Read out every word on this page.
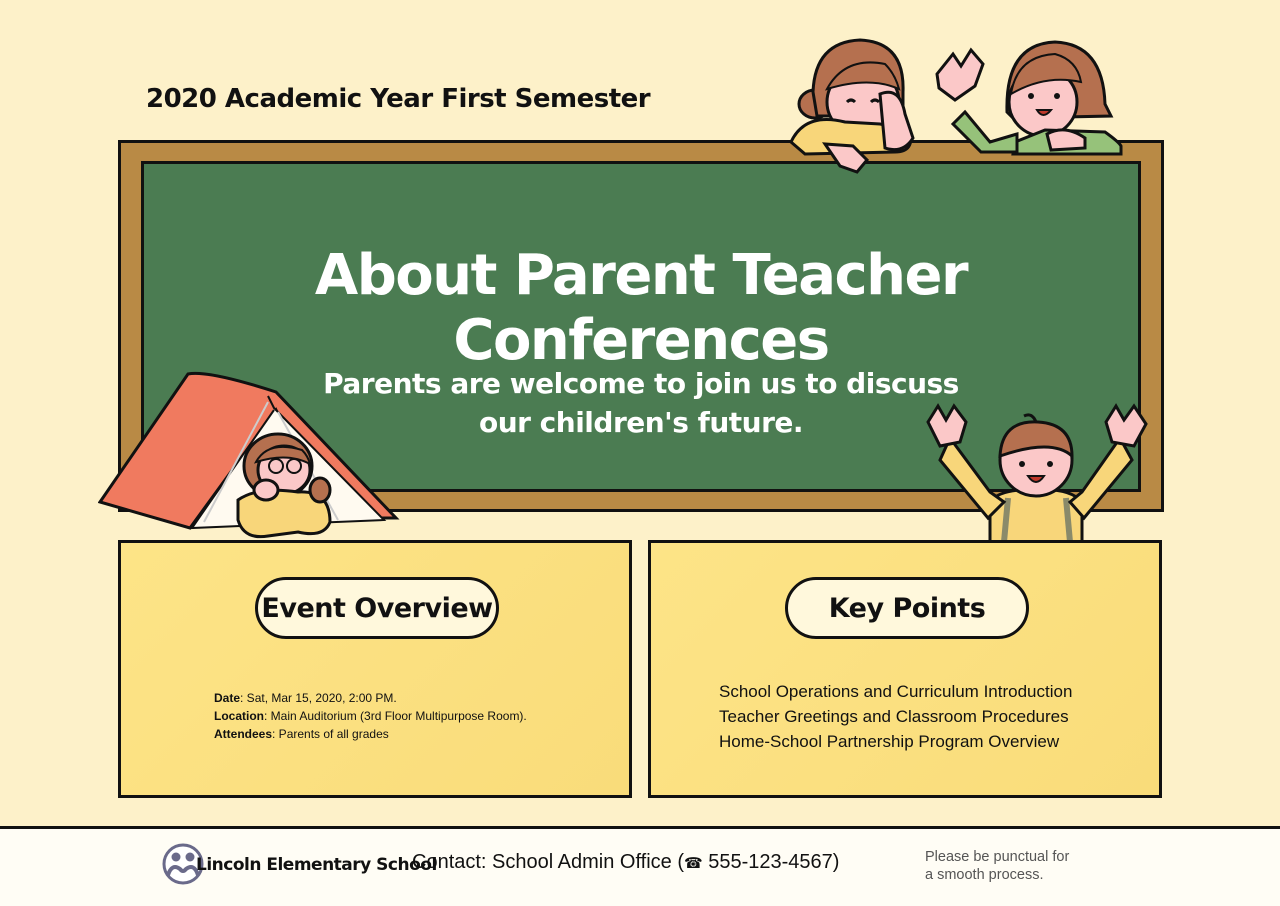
2020 Academic Year First Semester
About Parent Teacher Conferences
Parents are welcome to join us to discuss
our children's future.
Event Overview
Date: Sat, Mar 15, 2020, 2:00 PM.
Location: Main Auditorium (3rd Floor Multipurpose Room).
Attendees: Parents of all grades
Key Points
School Operations and Curriculum Introduction
Teacher Greetings and Classroom Procedures
Home-School Partnership Program Overview
Lincoln Elementary School
Contact: School Admin Office (☎ 555-123-4567)	Please be punctual for
a smooth process.
